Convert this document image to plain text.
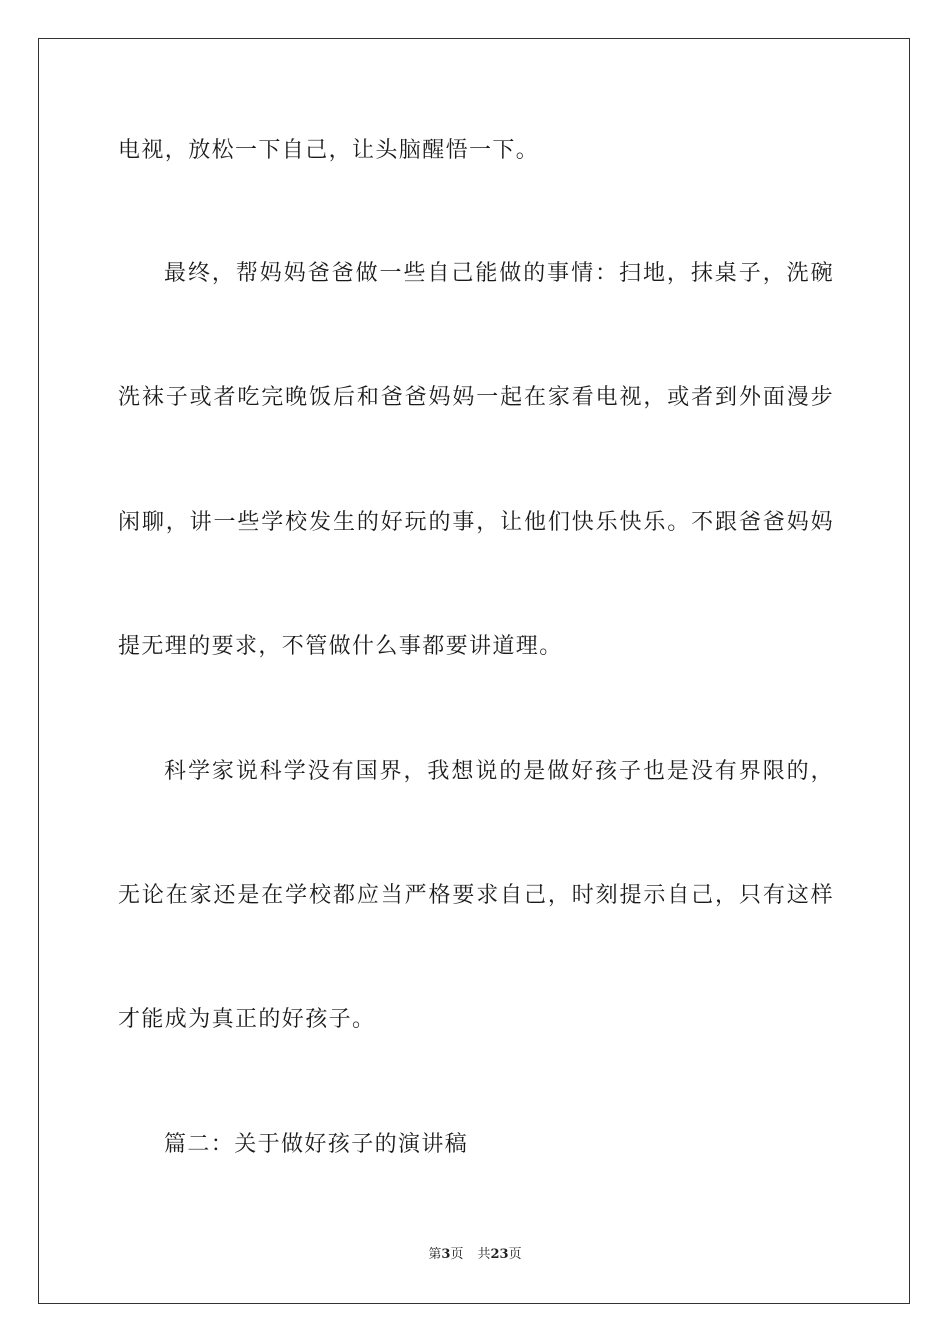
电视，放松一下自己，让头脑醒悟一下。
最终，帮妈妈爸爸做一些自己能做的事情：扫地，抹桌子，洗碗
洗袜子或者吃完晚饭后和爸爸妈妈一起在家看电视，或者到外面漫步
闲聊，讲一些学校发生的好玩的事，让他们快乐快乐。不跟爸爸妈妈
提无理的要求，不管做什么事都要讲道理。
科学家说科学没有国界，我想说的是做好孩子也是没有界限的，
无论在家还是在学校都应当严格要求自己，时刻提示自己，只有这样
才能成为真正的好孩子。
篇二：关于做好孩子的演讲稿
第3页 共23页
